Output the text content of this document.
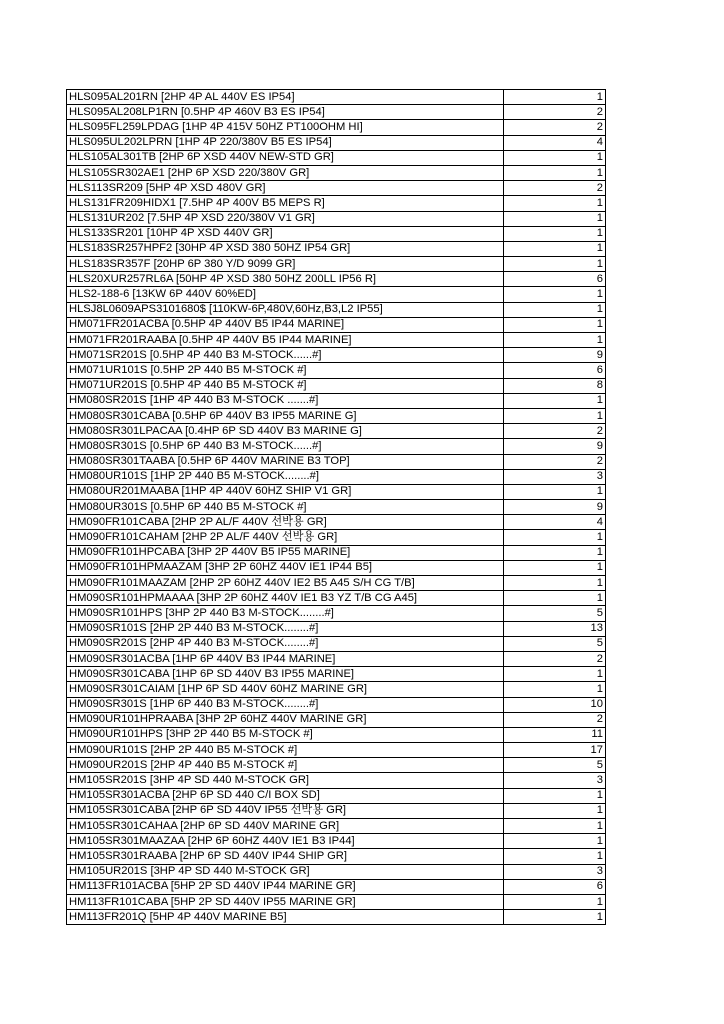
HLS095AL201RN [2HP 4P AL 440V ES IP54]	1
HLS095AL208LP1RN [0.5HP 4P 460V B3 ES IP54]	2
HLS095FL259LPDAG [1HP 4P 415V 50HZ PT100OHM HI]	2
HLS095UL202LPRN [1HP 4P 220/380V B5 ES IP54]	4
HLS105AL301TB [2HP 6P XSD 440V NEW-STD GR]	1
HLS105SR302AE1 [2HP 6P XSD 220/380V GR]	1
HLS113SR209 [5HP 4P XSD 480V GR]	2
HLS131FR209HIDX1 [7.5HP 4P 400V B5 MEPS R]	1
HLS131UR202 [7.5HP 4P XSD 220/380V V1 GR]	1
HLS133SR201 [10HP 4P XSD 440V GR]	1
HLS183SR257HPF2 [30HP 4P XSD 380 50HZ IP54 GR]	1
HLS183SR357F [20HP 6P 380 Y/D 9099 GR]	1
HLS20XUR257RL6A [50HP 4P XSD 380 50HZ 200LL IP56 R]	6
HLS2-188-6 [13KW 6P 440V 60%ED]	1
HLSJ8L0609APS3101680$ [110KW-6P,480V,60Hz,B3,L2 IP55]	1
HM071FR201ACBA [0.5HP 4P 440V B5 IP44 MARINE]	1
HM071FR201RAABA [0.5HP 4P 440V B5 IP44 MARINE]	1
HM071SR201S [0.5HP 4P 440 B3 M-STOCK......#]	9
HM071UR101S [0.5HP 2P 440 B5 M-STOCK #]	6
HM071UR201S [0.5HP 4P 440 B5 M-STOCK #]	8
HM080SR201S [1HP 4P 440 B3 M-STOCK .......#]	1
HM080SR301CABA [0.5HP 6P 440V B3 IP55 MARINE G]	1
HM080SR301LPACAA [0.4HP 6P SD 440V B3 MARINE G]	2
HM080SR301S [0.5HP 6P 440 B3 M-STOCK......#]	9
HM080SR301TAABA [0.5HP 6P 440V MARINE B3 TOP]	2
HM080UR101S [1HP 2P 440 B5 M-STOCK........#]	3
HM080UR201MAABA [1HP 4P 440V 60HZ SHIP V1 GR]	1
HM080UR301S [0.5HP 6P 440 B5 M-STOCK #]	9
HM090FR101CABA [2HP 2P AL/F 440V 선박용 GR]	4
HM090FR101CAHAM [2HP 2P AL/F 440V 선박용 GR]	1
HM090FR101HPCABA [3HP 2P 440V B5 IP55 MARINE]	1
HM090FR101HPMAAZAM [3HP 2P 60HZ 440V IE1 IP44 B5]	1
HM090FR101MAAZAM [2HP 2P 60HZ 440V IE2 B5 A45 S/H CG T/B]	1
HM090SR101HPMAAAA [3HP 2P 60HZ 440V IE1 B3 YZ T/B CG A45]	1
HM090SR101HPS [3HP 2P 440 B3 M-STOCK........#]	5
HM090SR101S [2HP 2P 440 B3 M-STOCK........#]	13
HM090SR201S [2HP 4P 440 B3 M-STOCK........#]	5
HM090SR301ACBA [1HP 6P 440V B3 IP44 MARINE]	2
HM090SR301CABA [1HP 6P SD 440V B3 IP55 MARINE]	1
HM090SR301CAIAM [1HP 6P SD 440V 60HZ MARINE GR]	1
HM090SR301S [1HP 6P 440 B3 M-STOCK........#]	10
HM090UR101HPRAABA [3HP 2P 60HZ 440V MARINE GR]	2
HM090UR101HPS [3HP 2P 440 B5 M-STOCK #]	11
HM090UR101S [2HP 2P 440 B5 M-STOCK #]	17
HM090UR201S [2HP 4P 440 B5 M-STOCK #]	5
HM105SR201S [3HP 4P SD 440 M-STOCK GR]	3
HM105SR301ACBA [2HP 6P SD 440 C/I BOX SD]	1
HM105SR301CABA [2HP 6P SD 440V IP55 선박용 GR]	1
HM105SR301CAHAA [2HP 6P SD 440V MARINE GR]	1
HM105SR301MAAZAA [2HP 6P 60HZ 440V IE1 B3 IP44]	1
HM105SR301RAABA [2HP 6P SD 440V IP44 SHIP GR]	1
HM105UR201S [3HP 4P SD 440 M-STOCK GR]	3
HM113FR101ACBA [5HP 2P SD 440V IP44 MARINE GR]	6
HM113FR101CABA [5HP 2P SD 440V IP55 MARINE GR]	1
HM113FR201Q [5HP 4P 440V MARINE B5]	1
